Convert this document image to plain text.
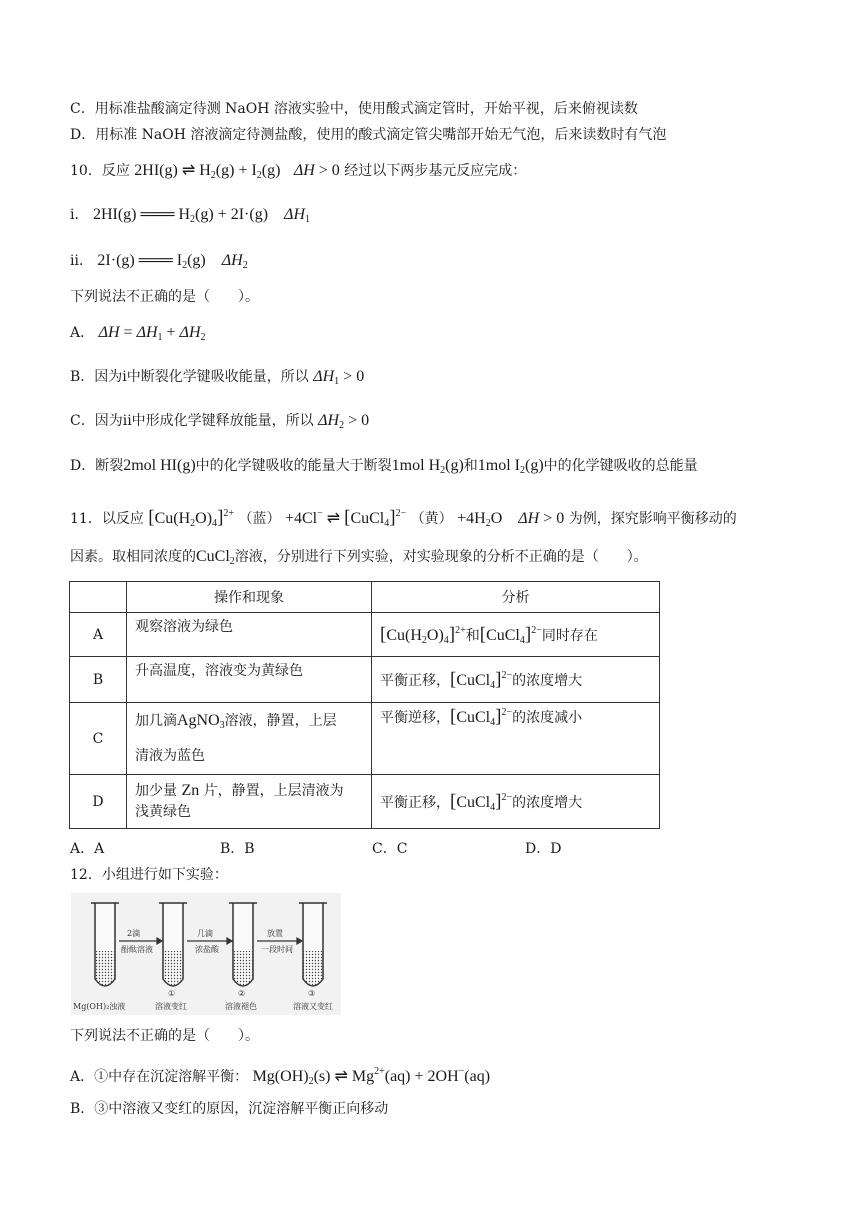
C．用标准盐酸滴定待测 NaOH 溶液实验中，使用酸式滴定管时，开始平视，后来俯视读数
D．用标准 NaOH 溶液滴定待测盐酸，使用的酸式滴定管尖嘴部开始无气泡，后来读数时有气泡
10．反应 2HI(g) ⇌ $H_2(g) + I_2(g) \Delta H > 0$ 经过以下两步基元反应完成：
ⅰ． 2HI(g) ═══ $H_2(g) + 2I\cdot(g)$    $\Delta H_1$
ⅱ． 2I·(g) ═══ $I_2(g)$    $\Delta H_2$
下列说法不正确的是（　　）。
A． $\Delta H = \Delta H_1 + \Delta H_2$
B．因为ⅰ中断裂化学键吸收能量，所以 $\Delta H_1 > 0$
C．因为ⅱ中形成化学键释放能量，所以 $\Delta H_2 > 0$
D．断裂2mol HI(g)中的化学键吸收的能量大于断裂1mol $H_2(g)$和1mol $I_2(g)$中的化学键吸收的总能量
11．以反应 $[Cu(H_2O)_4]^{2+}$ （蓝） +4Cl− ⇌ [CuCl$_4$]$^{2-}$ （黄） $+4H_2O$    ΔH > 0 为例，探究影响平衡移动的
因素。取相同浓度的CuCl$_2$溶液，分别进行下列实验，对实验现象的分析不正确的是（　　）。
	操作和现象	分析
A	观察溶液为绿色	$[Cu(H_2O)_4]^{2+}$和[CuCl$_4$]$^{2-}$同时存在
B	升高温度，溶液变为黄绿色	平衡正移，[CuCl$_4$]$^{2-}$的浓度增大
C	加几滴AgNO$_3$溶液，静置，上层
清液为蓝色	平衡逆移，[CuCl$_4$]$^{2-}$的浓度减小
D	加少量 Zn 片，静置，上层清液为
浅黄绿色	平衡正移，[CuCl$_4$]$^{2-}$的浓度增大
A．A	B．B	C．C	D．D
12．小组进行如下实验：
2滴
酚酞溶液
几滴
浓盐酸
放置
一段时间
①	②	③
Mg(OH)₂浊液	溶液变红	溶液褪色	溶液又变红
下列说法不正确的是（　　）。
A．①中存在沉淀溶解平衡： $Mg(OH)_2(s)$ ⇌ $Mg^{2+}(aq) + 2OH^-(aq)$
B．③中溶液又变红的原因，沉淀溶解平衡正向移动
